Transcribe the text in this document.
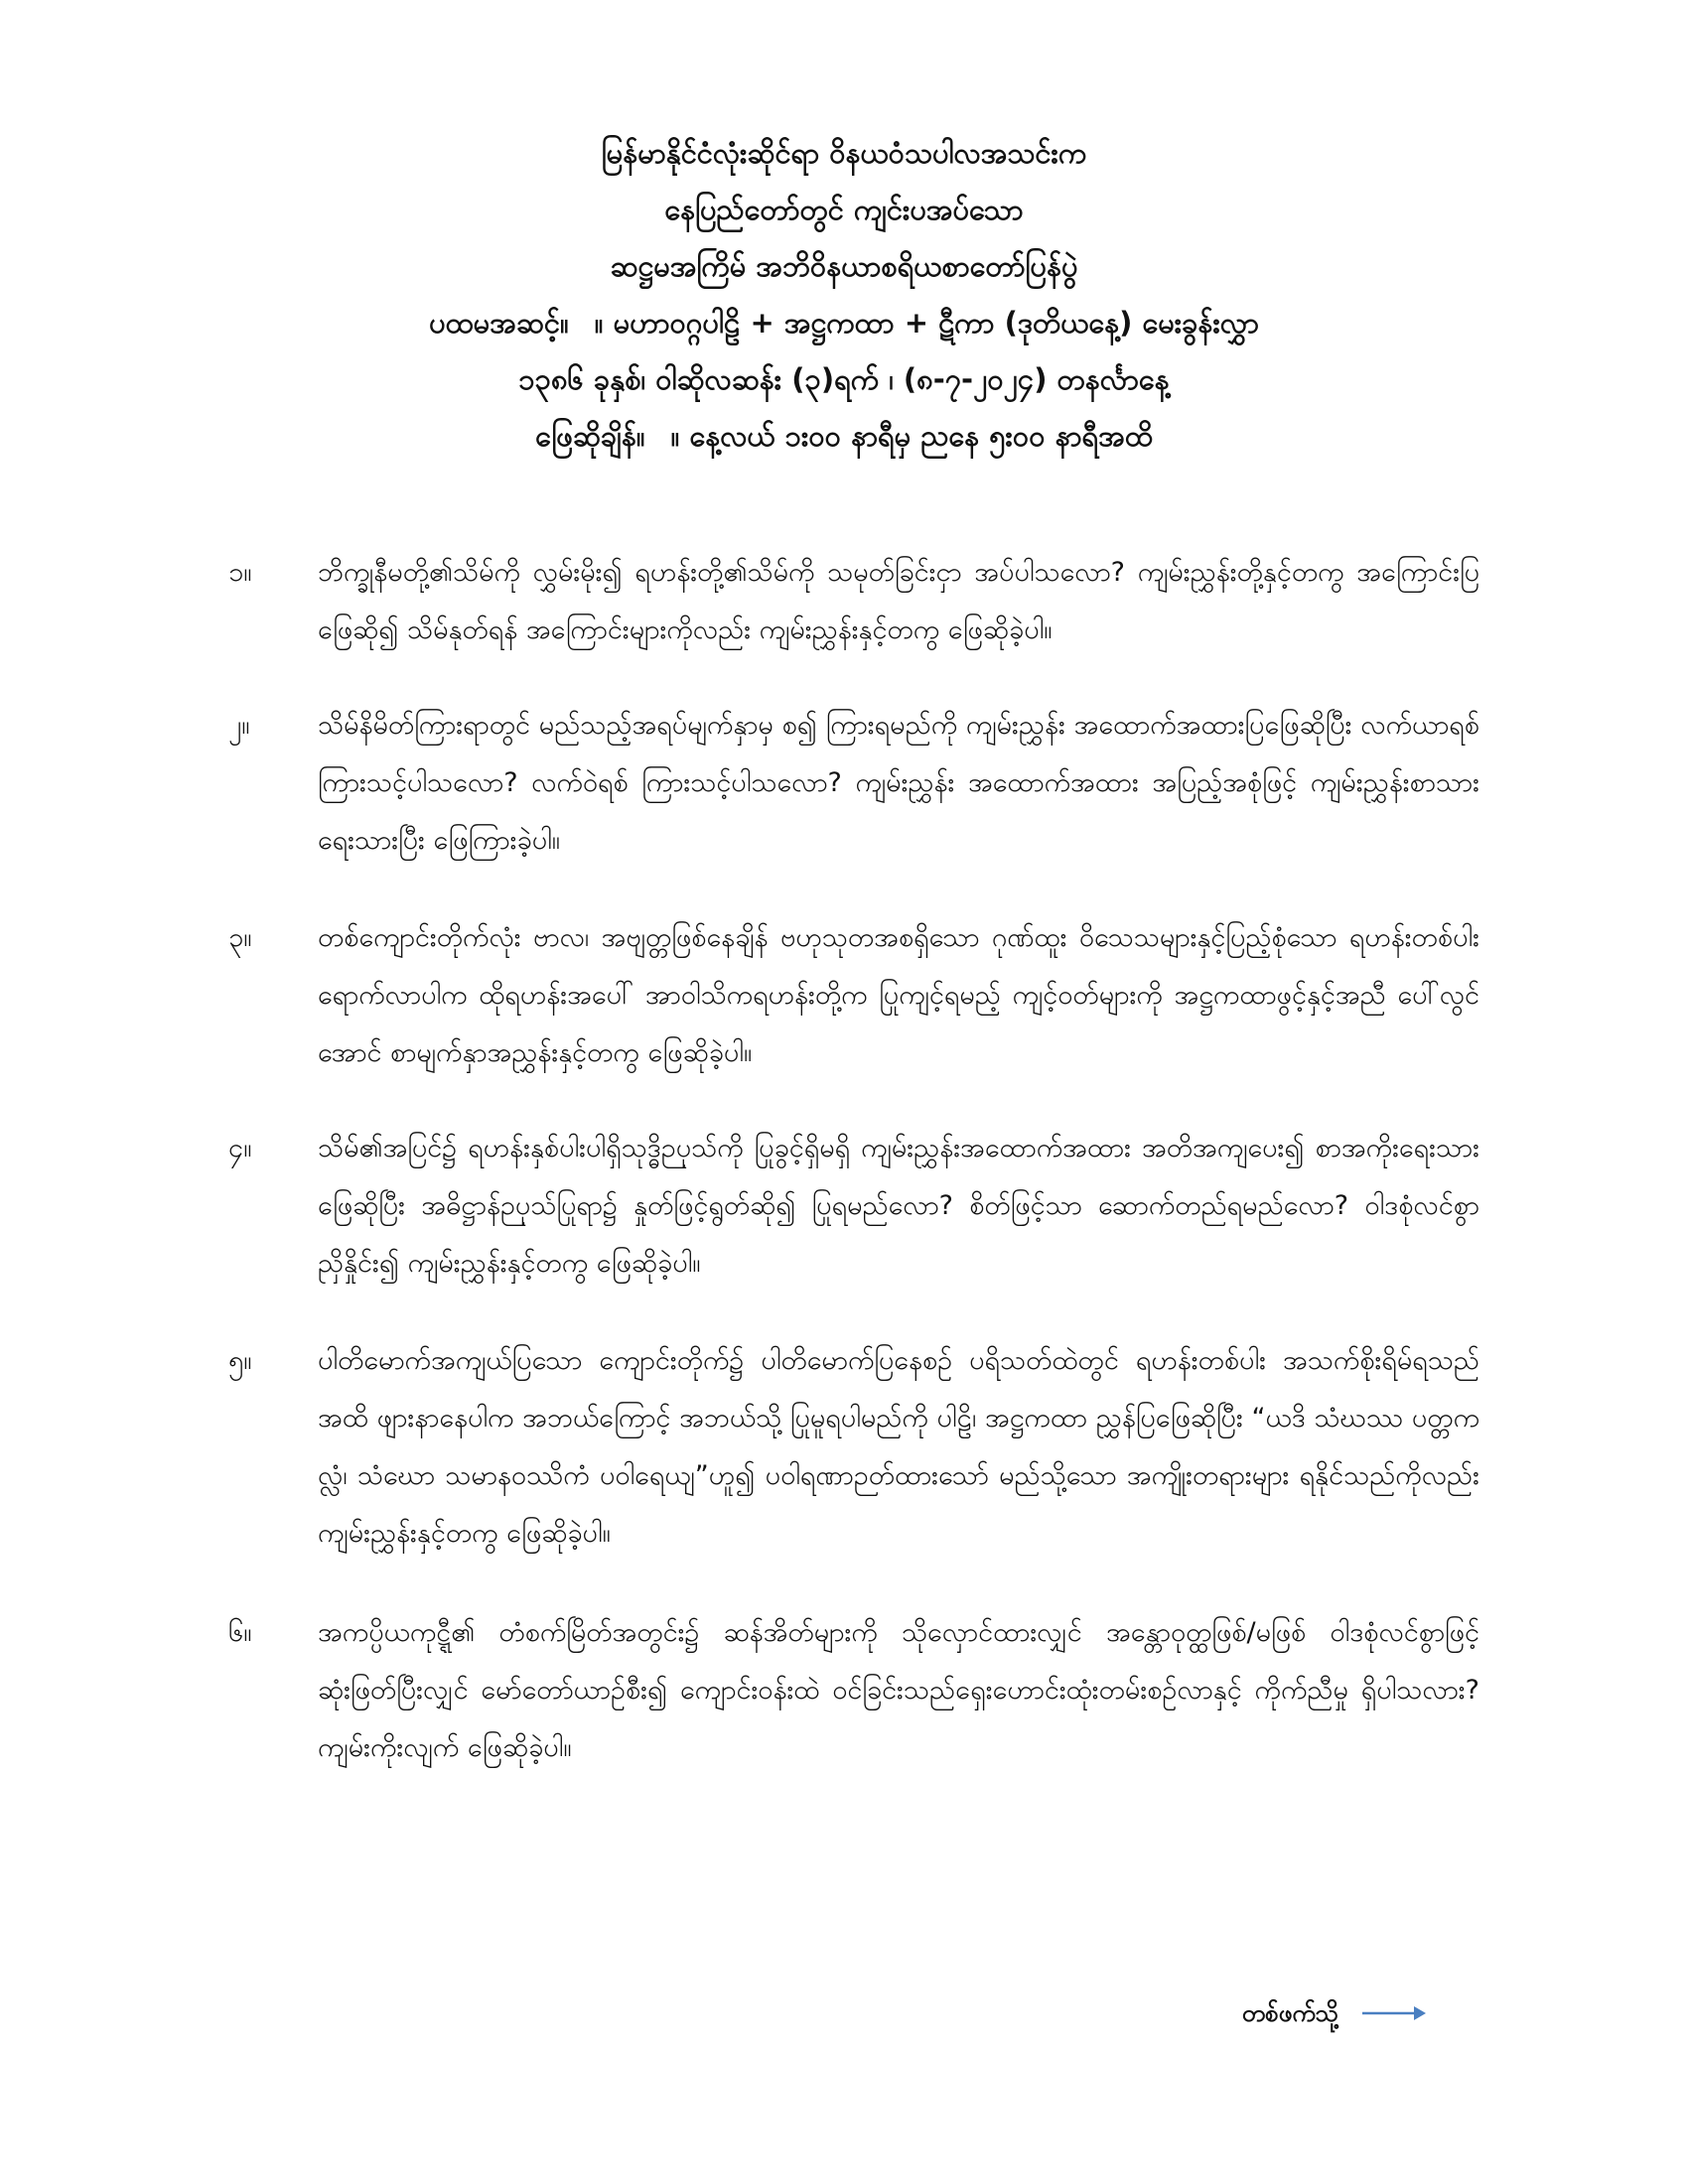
မြန်မာနိုင်ငံလုံးဆိုင်ရာ ဝိနယဝံသပါလအသင်းက
နေပြည်တော်တွင် ကျင်းပအပ်သော
ဆဋ္ဌမအကြိမ် အဘိဝိနယာစရိယစာတော်ပြန်ပွဲ
ပထမအဆင့်။ ။ မဟာဝဂ္ဂပါဠိ + အဋ္ဌကထာ + ဋီကာ (ဒုတိယနေ့) မေးခွန်းလွှာ
၁၃၈၆ ခုနှစ်၊ ဝါဆိုလဆန်း (၃)ရက် ၊ (၈-၇-၂၀၂၄) တနင်္လာနေ့
ဖြေဆိုချိန်။ ။ နေ့လယ် ၁း၀၀ နာရီမှ ညနေ ၅း၀၀ နာရီအထိ
၁။	ဘိက္ခုနီမတို့၏သိမ်ကို လွှမ်းမိုး၍ ရဟန်းတို့၏သိမ်ကို သမုတ်ခြင်းငှာ အပ်ပါသလော? ကျမ်းညွှန်းတို့နှင့်တကွ အကြောင်းပြဖြေဆို၍ သိမ်နုတ်ရန် အကြောင်းများကိုလည်း ကျမ်းညွှန်းနှင့်တကွ ဖြေဆိုခဲ့ပါ။

၂။	သိမ်နိမိတ်ကြားရာတွင် မည်သည့်အရပ်မျက်နှာမှ စ၍ ကြားရမည်ကို ကျမ်းညွှန်း အထောက်အထားပြဖြေဆိုပြီး လက်ယာရစ်ကြားသင့်ပါသလော? လက်ဝဲရစ် ကြားသင့်ပါသလော? ကျမ်းညွှန်း အထောက်အထား အပြည့်အစုံဖြင့် ကျမ်းညွှန်းစာသား ရေးသားပြီး ဖြေကြားခဲ့ပါ။

၃။	တစ်ကျောင်းတိုက်လုံး ဗာလ၊ အဗျတ္တဖြစ်နေချိန် ဗဟုသုတအစရှိသော ဂုဏ်ထူး ဝိသေသများနှင့်ပြည့်စုံသော ရဟန်းတစ်ပါးရောက်လာပါက ထိုရဟန်းအပေါ် အာဝါသိကရဟန်းတို့က ပြုကျင့်ရမည့် ကျင့်ဝတ်များကို အဋ္ဌကထာဖွင့်နှင့်အညီ ပေါ်လွင်အောင် စာမျက်နှာအညွှန်းနှင့်တကွ ဖြေဆိုခဲ့ပါ။

၄။	သိမ်၏အပြင်၌ ရဟန်းနှစ်ပါးပါရှိသုဒ္ဓိဉပုသ်ကို ပြုခွင့်ရှိမရှိ ကျမ်းညွှန်းအထောက်အထား အတိအကျပေး၍ စာအကိုးရေးသားဖြေဆိုပြီး အဓိဋ္ဌာန်ဉပုသ်ပြုရာ၌ နှုတ်ဖြင့်ရွတ်ဆို၍ ပြုရမည်လော? စိတ်ဖြင့်သာ ဆောက်တည်ရမည်လော? ဝါဒစုံလင်စွာ ညှိနှိုင်း၍ ကျမ်းညွှန်းနှင့်တကွ ဖြေဆိုခဲ့ပါ။

၅။	ပါတိမောက်အကျယ်ပြသော ကျောင်းတိုက်၌ ပါတိမောက်ပြနေစဉ် ပရိသတ်ထဲတွင် ရဟန်းတစ်ပါး အသက်စိုးရိမ်ရသည်အထိ ဖျားနာနေပါက အဘယ်ကြောင့် အဘယ်သို့ ပြုမူရပါမည်ကို ပါဠိ၊ အဋ္ဌကထာ ညွှန်ပြဖြေဆိုပြီး “ယဒိ သံဃဿ ပတ္တကလ္လံ၊ သံဃော သမာနဝဿိကံ ပဝါရေယျ”ဟူ၍ ပဝါရဏာဉတ်ထားသော် မည်သို့သော အကျိုးတရားများ ရနိုင်သည်ကိုလည်း ကျမ်းညွှန်းနှင့်တကွ ဖြေဆိုခဲ့ပါ။

၆။	အကပ္ပိယကုဋ္ဋီ၏ တံစက်မြိတ်အတွင်း၌ ဆန်အိတ်များကို သိုလှောင်ထားလျှင် အန္တောဝုတ္ထဖြစ်/မဖြစ် ဝါဒစုံလင်စွာဖြင့် ဆုံးဖြတ်ပြီးလျှင် မော်တော်ယာဉ်စီး၍ ကျောင်းဝန်းထဲ ဝင်ခြင်းသည်ရှေးဟောင်းထုံးတမ်းစဉ်လာနှင့် ကိုက်ညီမှု ရှိပါသလား? ကျမ်းကိုးလျက် ဖြေဆိုခဲ့ပါ။

တစ်ဖက်သို့
